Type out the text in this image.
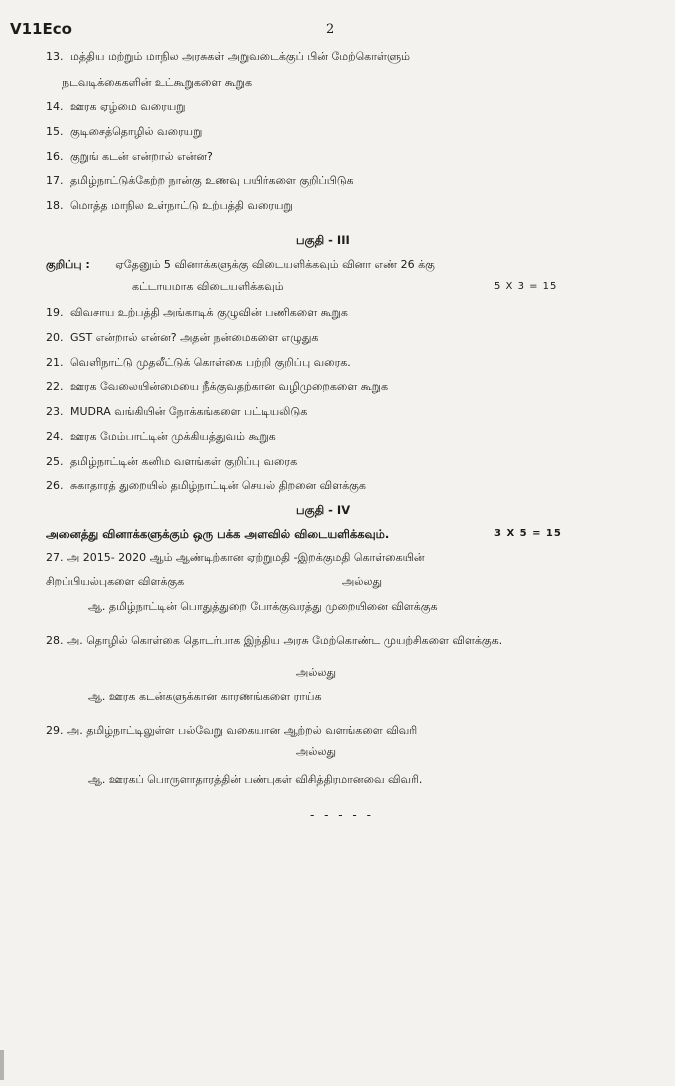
V11Eco	2
13. மத்திய மற்றும் மாநில அரசுகள் அறுவடைக்குப் பின் மேற்கொள்ளும்
நடவடிக்கைகளின் உட்கூறுகளை கூறுக
14. ஊரக ஏழ்மை வரையறு
15. குடிசைத்தொழில் வரையறு
16. குறுங் கடன் என்றால் என்ன?
17. தமிழ்நாட்டுக்கேற்ற நான்கு உணவு பயிர்களை குறிப்பிடுக
18. மொத்த மாநில உள்நாட்டு உற்பத்தி வரையறு
பகுதி - III
குறிப்பு : ஏதேனும் 5 வினாக்களுக்கு விடையளிக்கவும் வினா எண் 26 க்கு
கட்டாயமாக விடையளிக்கவும்	5 X 3 = 15
19. விவசாய உற்பத்தி அங்காடிக் குழுவின் பணிகளை கூறுக
20. GST என்றால் என்ன? அதன் நன்மைகளை எழுதுக
21. வெளிநாட்டு முதலீட்டுக் கொள்கை பற்றி குறிப்பு வரைக.
22. ஊரக வேலையின்மையை நீக்குவதற்கான வழிமுறைகளை கூறுக
23. MUDRA வங்கியின் நோக்கங்களை பட்டியலிடுக
24. ஊரக மேம்பாட்டின் முக்கியத்துவம் கூறுக
25. தமிழ்நாட்டின் கனிம வளங்கள் குறிப்பு வரைக
26. சுகாதாரத் துறையில் தமிழ்நாட்டின் செயல் திறனை விளக்குக
பகுதி - IV
அனைத்து வினாக்களுக்கும் ஒரு பக்க அளவில் விடையளிக்கவும்.	3 X 5 = 15
27. அ 2015- 2020 ஆம் ஆண்டிற்கான ஏற்றுமதி -இறக்குமதி கொள்கையின்
சிறப்பியல்புகளை விளக்குக	அல்லது
ஆ. தமிழ்நாட்டின் பொதுத்துறை போக்குவரத்து முறையினை விளக்குக
28. அ. தொழில் கொள்கை தொடர்பாக இந்திய அரசு மேற்கொண்ட முயற்சிகளை விளக்குக.
அல்லது
ஆ. ஊரக கடன்களுக்கான காரணங்களை ராய்க
29. அ. தமிழ்நாட்டிலுள்ள பல்வேறு வகையான ஆற்றல் வளங்களை விவரி
அல்லது
ஆ. ஊரகப் பொருளாதாரத்தின் பண்புகள் விசித்திரமானவை விவரி.
- - - - -
